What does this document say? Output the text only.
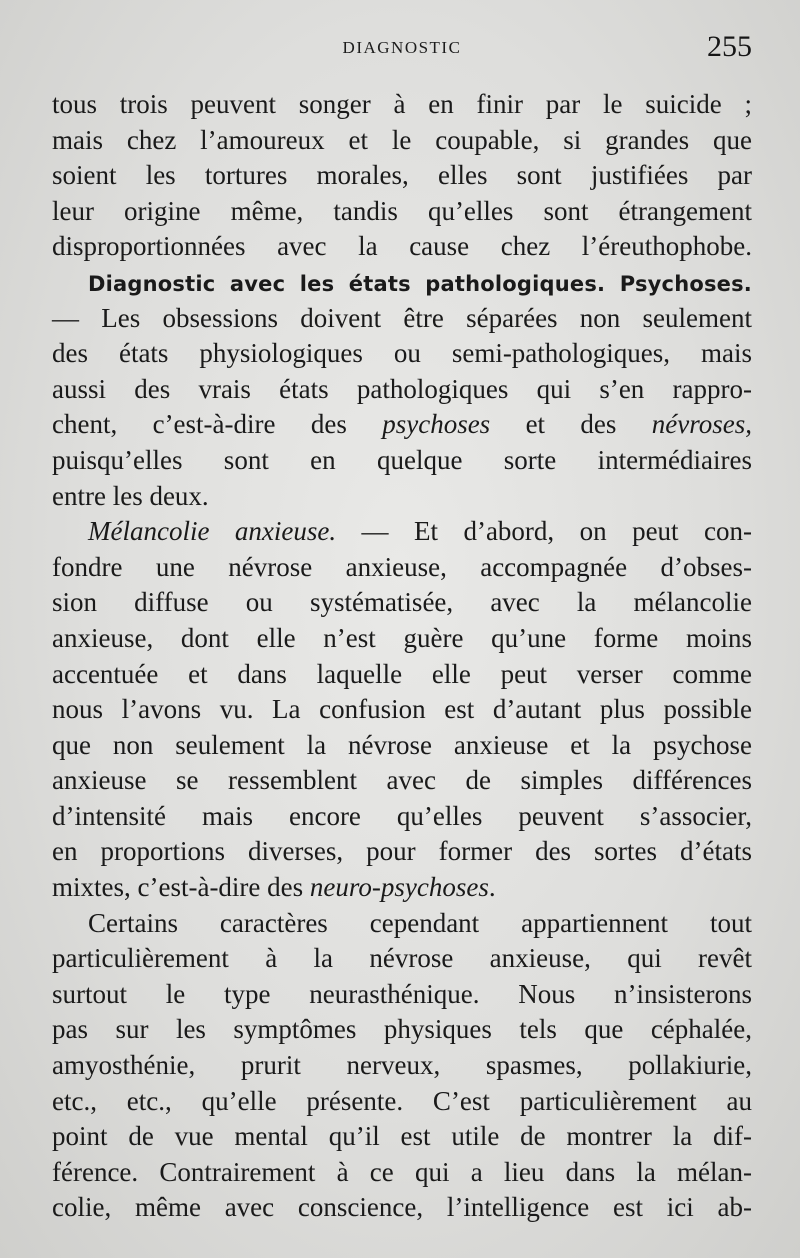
DIAGNOSTIC	255
tous trois peuvent songer à en finir par le suicide ;
mais chez l’amoureux et le coupable, si grandes que
soient les tortures morales, elles sont justifiées par
leur origine même, tandis qu’elles sont étrangement
disproportionnées avec la cause chez l’éreuthophobe.
Diagnostic avec les états pathologiques. Psychoses.
— Les obsessions doivent être séparées non seulement
des états physiologiques ou semi-pathologiques, mais
aussi des vrais états pathologiques qui s’en rappro-
chent, c’est-à-dire des psychoses et des névroses,
puisqu’elles sont en quelque sorte intermédiaires
entre les deux.
Mélancolie anxieuse. — Et d’abord, on peut con-
fondre une névrose anxieuse, accompagnée d’obses-
sion diffuse ou systématisée, avec la mélancolie
anxieuse, dont elle n’est guère qu’une forme moins
accentuée et dans laquelle elle peut verser comme
nous l’avons vu. La confusion est d’autant plus possible
que non seulement la névrose anxieuse et la psychose
anxieuse se ressemblent avec de simples différences
d’intensité mais encore qu’elles peuvent s’associer,
en proportions diverses, pour former des sortes d’états
mixtes, c’est-à-dire des neuro-psychoses.
Certains caractères cependant appartiennent tout
particulièrement à la névrose anxieuse, qui revêt
surtout le type neurasthénique. Nous n’insisterons
pas sur les symptômes physiques tels que céphalée,
amyosthénie, prurit nerveux, spasmes, pollakiurie,
etc., etc., qu’elle présente. C’est particulièrement au
point de vue mental qu’il est utile de montrer la dif-
férence. Contrairement à ce qui a lieu dans la mélan-
colie, même avec conscience, l’intelligence est ici ab-
